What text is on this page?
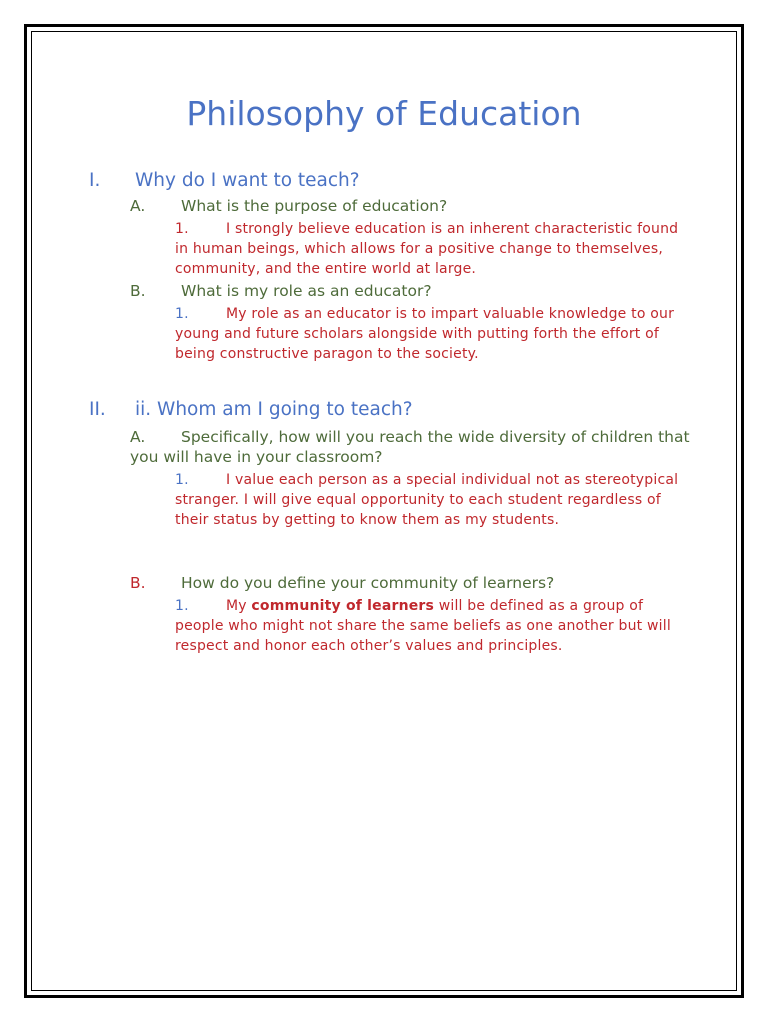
Philosophy of Education
I. Why do I want to teach?
A. What is the purpose of education?
1.	I strongly believe education is an inherent characteristic found in human beings, which allows for a positive change to themselves, community, and the entire world at large.
B. What is my role as an educator?
1.	My role as an educator is to impart valuable knowledge to our young and future scholars alongside with putting forth the effort of being constructive paragon to the society.
II. ii. Whom am I going to teach?
A. Specifically, how will you reach the wide diversity of children that you will have in your classroom?
1.	I value each person as a special individual not as stereotypical stranger. I will give equal opportunity to each student regardless of their status by getting to know them as my students.
B. How do you define your community of learners?
1.	My community of learners will be defined as a group of people who might not share the same beliefs as one another but will respect and honor each other’s values and principles.
